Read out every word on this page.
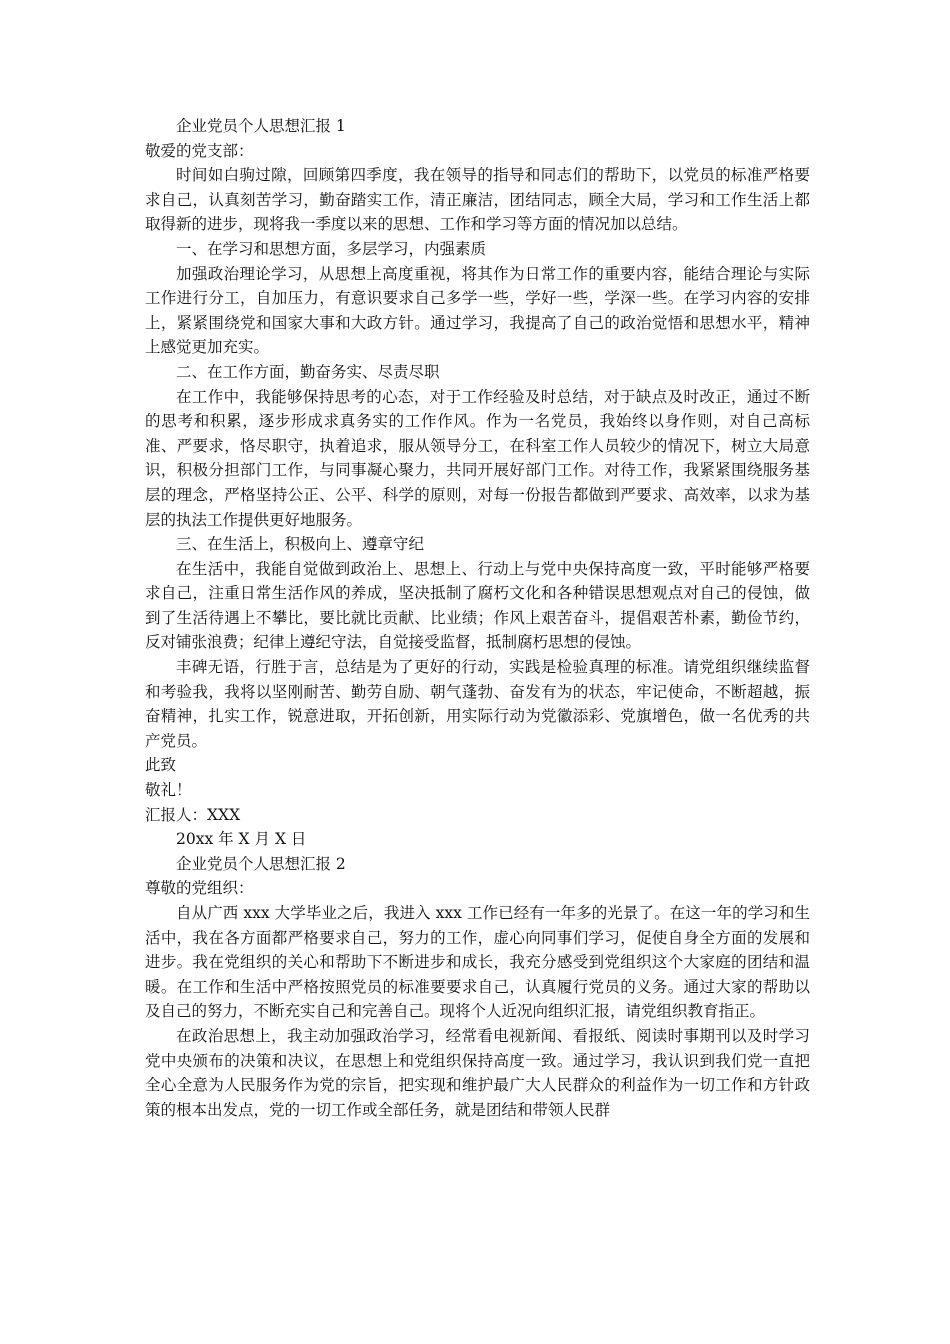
企业党员个人思想汇报 1

敬爱的党支部：

时间如白驹过隙，回顾第四季度，我在领导的指导和同志们的帮助下，以党员的标准严格要求自己，认真刻苦学习，勤奋踏实工作，清正廉洁，团结同志，顾全大局，学习和工作生活上都取得新的进步，现将我一季度以来的思想、工作和学习等方面的情况加以总结。

一、在学习和思想方面，多层学习，内强素质

加强政治理论学习，从思想上高度重视，将其作为日常工作的重要内容，能结合理论与实际工作进行分工，自加压力，有意识要求自己多学一些，学好一些，学深一些。在学习内容的安排上，紧紧围绕党和国家大事和大政方针。通过学习，我提高了自己的政治觉悟和思想水平，精神上感觉更加充实。

二、在工作方面，勤奋务实、尽责尽职

在工作中，我能够保持思考的心态，对于工作经验及时总结，对于缺点及时改正，通过不断的思考和积累，逐步形成求真务实的工作作风。作为一名党员，我始终以身作则，对自己高标准、严要求，恪尽职守，执着追求，服从领导分工，在科室工作人员较少的情况下，树立大局意识，积极分担部门工作，与同事凝心聚力，共同开展好部门工作。对待工作，我紧紧围绕服务基层的理念，严格坚持公正、公平、科学的原则，对每一份报告都做到严要求、高效率，以求为基层的执法工作提供更好地服务。

三、在生活上，积极向上、遵章守纪

在生活中，我能自觉做到政治上、思想上、行动上与党中央保持高度一致，平时能够严格要求自己，注重日常生活作风的养成，坚决抵制了腐朽文化和各种错误思想观点对自己的侵蚀，做到了生活待遇上不攀比，要比就比贡献、比业绩；作风上艰苦奋斗，提倡艰苦朴素，勤俭节约，反对铺张浪费；纪律上遵纪守法，自觉接受监督，抵制腐朽思想的侵蚀。

丰碑无语，行胜于言，总结是为了更好的行动，实践是检验真理的标准。请党组织继续监督和考验我，我将以坚刚耐苦、勤劳自励、朝气蓬勃、奋发有为的状态，牢记使命，不断超越，振奋精神，扎实工作，锐意进取，开拓创新，用实际行动为党徽添彩、党旗增色，做一名优秀的共产党员。

此致

敬礼！

汇报人：XXX

20xx 年 X 月 X 日

企业党员个人思想汇报 2

尊敬的党组织：

自从广西 xxx 大学毕业之后，我进入 xxx 工作已经有一年多的光景了。在这一年的学习和生活中，我在各方面都严格要求自己，努力的工作，虚心向同事们学习，促使自身全方面的发展和进步。我在党组织的关心和帮助下不断进步和成长，我充分感受到党组织这个大家庭的团结和温暖。在工作和生活中严格按照党员的标准要要求自己，认真履行党员的义务。通过大家的帮助以及自己的努力，不断充实自己和完善自己。现将个人近况向组织汇报，请党组织教育指正。

在政治思想上，我主动加强政治学习，经常看电视新闻、看报纸、阅读时事期刊以及时学习党中央颁布的决策和决议，在思想上和党组织保持高度一致。通过学习，我认识到我们党一直把全心全意为人民服务作为党的宗旨，把实现和维护最广大人民群众的利益作为一切工作和方针政策的根本出发点，党的一切工作或全部任务，就是团结和带领人民群
